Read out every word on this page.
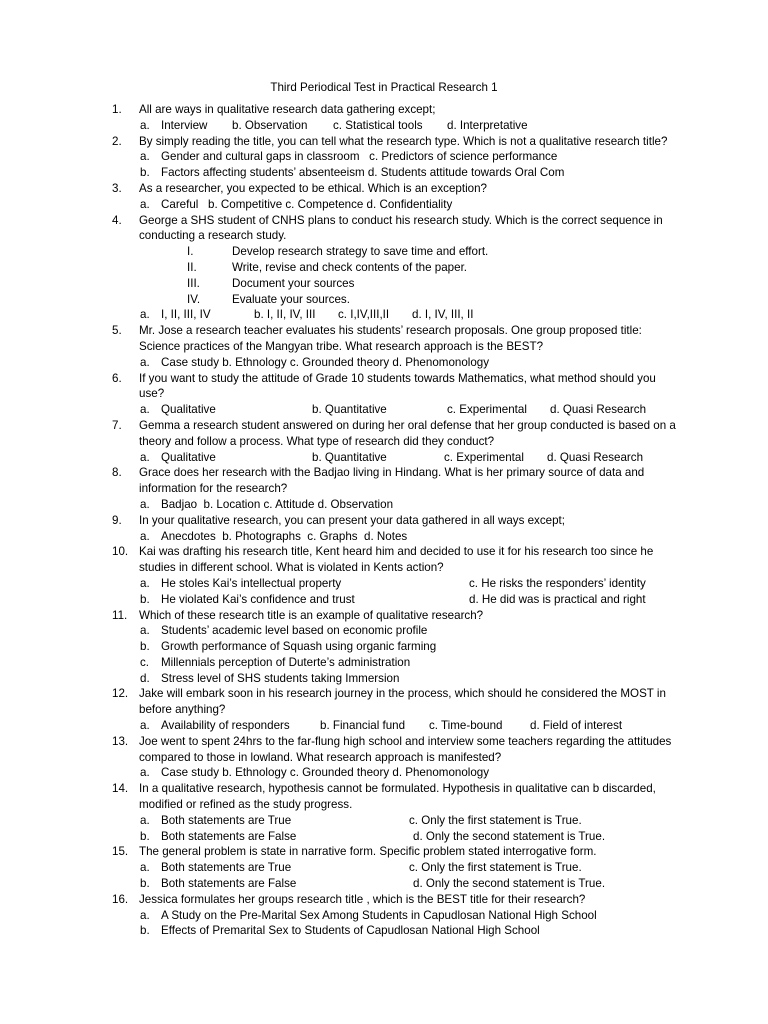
Third Periodical Test in Practical Research 1
1.	All are ways in qualitative research data gathering except;
a. Interview b. Observation c. Statistical tools d. Interpretative
2.	By simply reading the title, you can tell what the research type. Which is not a qualitative research title?
a. Gender and cultural gaps in classroom   c. Predictors of science performance
b. Factors affecting students’ absenteeism d. Students attitude towards Oral Com
3.	As a researcher, you expected to be ethical. Which is an exception?
a. Careful   b. Competitive c. Competence d. Confidentiality
4.	George a SHS student of CNHS plans to conduct his research study. Which is the correct sequence in conducting a research study.
I.	Develop research strategy to save time and effort.
II.	Write, revise and check contents of the paper.
III.	Document your sources
IV.	Evaluate your sources.
a. I, II, III, IV	b. I, II, IV, III c. I,IV,III,II d. I, IV, III, II
5.	Mr. Jose a research teacher evaluates his students’ research proposals. One group proposed title: Science practices of the Mangyan tribe. What research approach is the BEST?
a. Case study b. Ethnology c. Grounded theory d. Phenomonology
6.	If you want to study the attitude of Grade 10 students towards Mathematics, what method should you use?
a. Qualitative	b. Quantitative	c. Experimental d. Quasi Research
7.	Gemma a research student answered on during her oral defense that her group conducted is based on a theory and follow a process. What type of research did they conduct?
a. Qualitative	b. Quantitative	c. Experimental d. Quasi Research
8.	Grace does her research with the Badjao living in Hindang. What is her primary source of data and information for the research?
a. Badjao  b. Location c. Attitude d. Observation
9.	In your qualitative research, you can present your data gathered in all ways except;
a. Anecdotes  b. Photographs  c. Graphs  d. Notes
10. Kai was drafting his research title, Kent heard him and decided to use it for his research too since he studies in different school. What is violated in Kents action?
a. He stoles Kai’s intellectual property	c. He risks the responders’ identity
b. He violated Kai’s confidence and trust	d. He did was is practical and right
11.	Which of these research title is an example of qualitative research?
a. Students’ academic level based on economic profile
b. Growth performance of Squash using organic farming
c. Millennials perception of Duterte’s administration
d. Stress level of SHS students taking Immersion
12. Jake will embark soon in his research journey in the process, which should he considered the MOST in before anything?
a. Availability of responders	b. Financial fund c. Time-bound d. Field of interest
13. Joe went to spent 24hrs to the far-flung high school and interview some teachers regarding the attitudes compared to those in lowland. What research approach is manifested?
a. Case study b. Ethnology c. Grounded theory d. Phenomonology
14. In a qualitative research, hypothesis cannot be formulated. Hypothesis in qualitative can b discarded, modified or refined as the study progress.
a. Both statements are True	c. Only the first statement is True.
b. Both statements are False	d. Only the second statement is True.
15. The general problem is state in narrative form. Specific problem stated interrogative form.
a. Both statements are True	c. Only the first statement is True.
b. Both statements are False	d. Only the second statement is True.
16. Jessica formulates her groups research title , which is the BEST title for their research?
a. A Study on the Pre-Marital Sex Among Students in Capudlosan National High School
b. Effects of Premarital Sex to Students of Capudlosan National High School
